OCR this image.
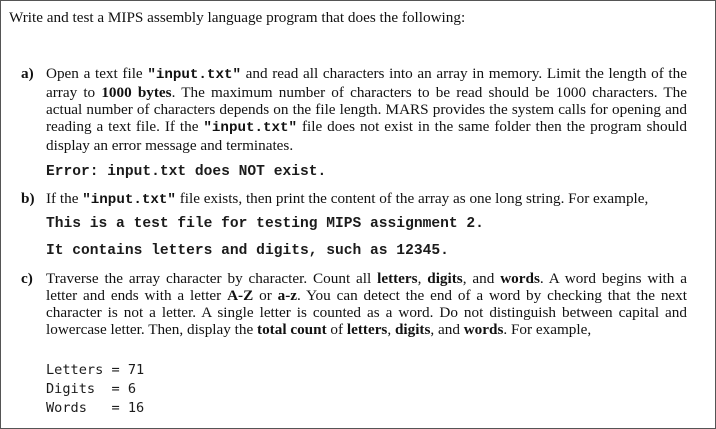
Write and test a MIPS assembly language program that does the following:
a) Open a text file "input.txt" and read all characters into an array in memory. Limit the length of the array to 1000 bytes. The maximum number of characters to be read should be 1000 characters. The actual number of characters depends on the file length. MARS provides the system calls for opening and reading a text file. If the "input.txt" file does not exist in the same folder then the program should display an error message and terminates.
Error: input.txt does NOT exist.
b) If the "input.txt" file exists, then print the content of the array as one long string. For example,
This is a test file for testing MIPS assignment 2.
It contains letters and digits, such as 12345.
c) Traverse the array character by character. Count all letters, digits, and words. A word begins with a letter and ends with a letter A-Z or a-z. You can detect the end of a word by checking that the next character is not a letter. A single letter is counted as a word. Do not distinguish between capital and lowercase letter. Then, display the total count of letters, digits, and words. For example,
Letters = 71
Digits  = 6
Words   = 16
